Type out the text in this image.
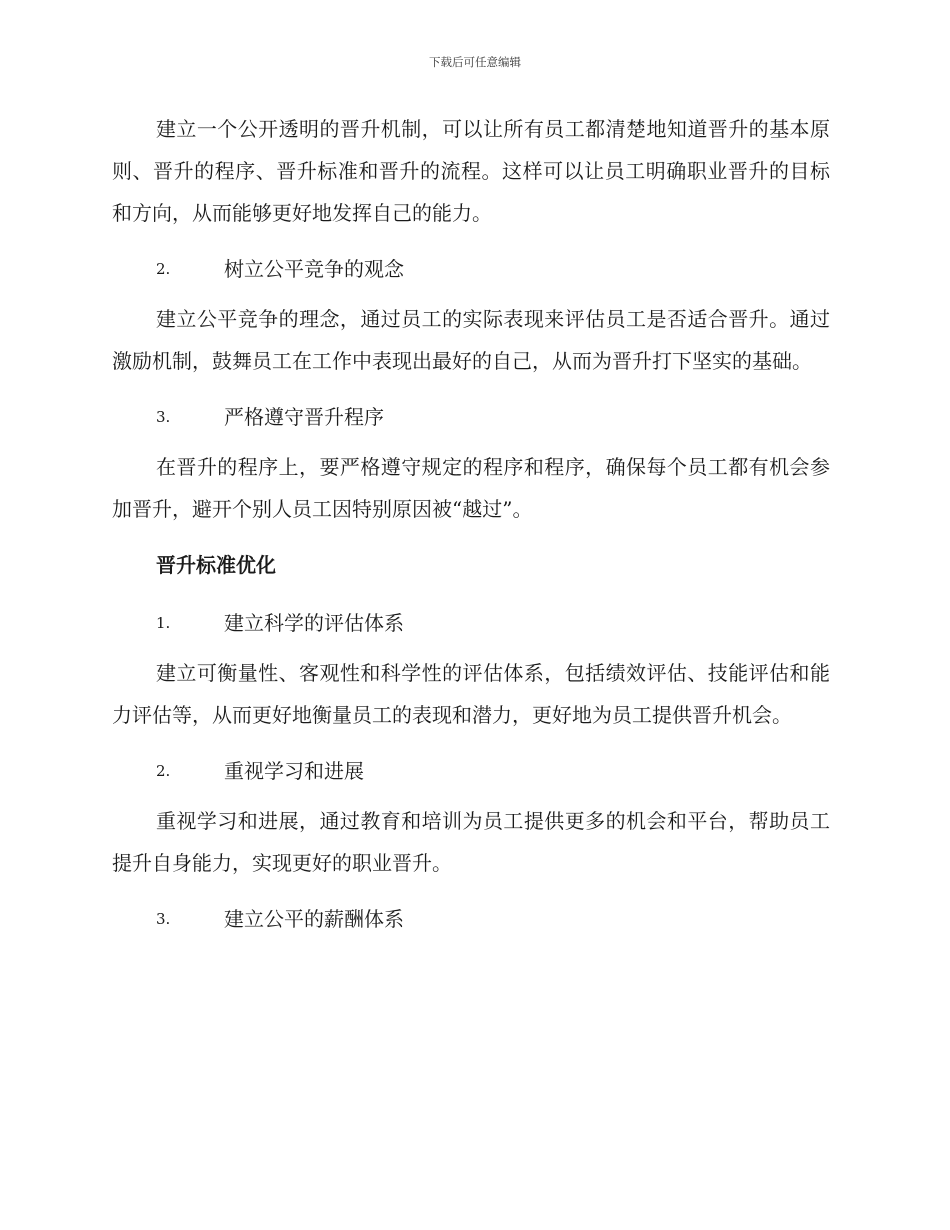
下载后可任意编辑

建立一个公开透明的晋升机制，可以让所有员工都清楚地知道晋升的基本原则、晋升的程序、晋升标准和晋升的流程。这样可以让员工明确职业晋升的目标和方向，从而能够更好地发挥自己的能力。

2.	树立公平竞争的观念

建立公平竞争的理念，通过员工的实际表现来评估员工是否适合晋升。通过激励机制，鼓舞员工在工作中表现出最好的自己，从而为晋升打下坚实的基础。

3.	严格遵守晋升程序

在晋升的程序上，要严格遵守规定的程序和程序，确保每个员工都有机会参加晋升，避开个别人员工因特别原因被“越过”。

晋升标准优化
1.	建立科学的评估体系

建立可衡量性、客观性和科学性的评估体系，包括绩效评估、技能评估和能力评估等，从而更好地衡量员工的表现和潜力，更好地为员工提供晋升机会。

2.	重视学习和进展

重视学习和进展，通过教育和培训为员工提供更多的机会和平台，帮助员工提升自身能力，实现更好的职业晋升。

3.	建立公平的薪酬体系
